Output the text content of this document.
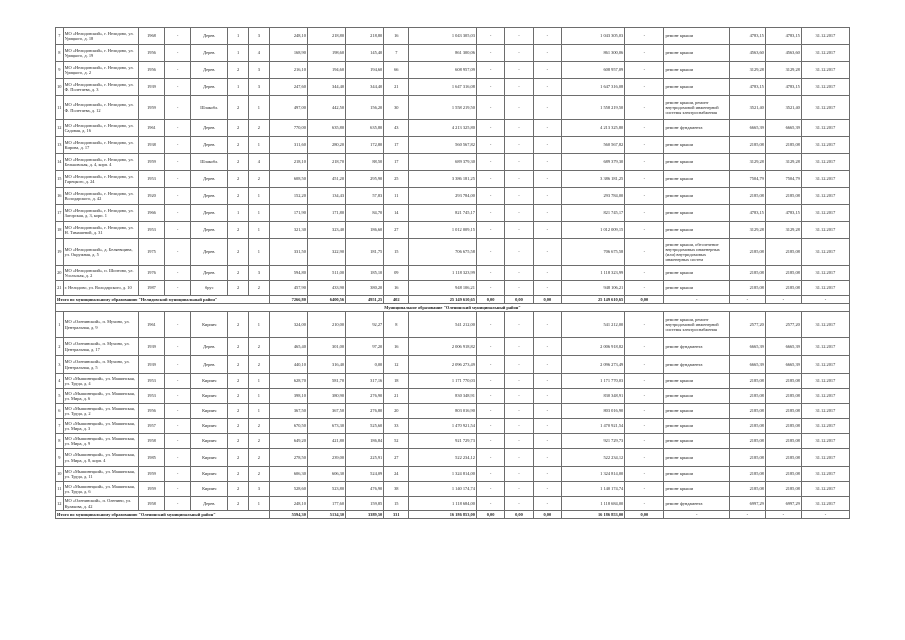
7	МО «Нелидовский», г. Нелидово, ул. Урицкого, д. 18	1968	-	Дерев.	1	3	248,10	218,80	218,80	16	1 043 305,03	-	-	-	1 043 305,03	-	ремонт крыши	4783,15	4783,15	31.12.2017
8	МО «Нелидовский», г. Нелидово, ул. Урицкого, д. 19	1956	-	Дерев.	1	4	168,90	198,60	145,40	7	861 300,06	-	-	-	861 300,06	-	ремонт крыши	4563,60	4563,60	31.12.2017
9	МО «Нелидовский», г. Нелидово, ул. Урицкого, д. 2	1956	-	Дерев.	2	3	216,10	194,60	194,60	66	608 957,09	-	-	-	608 957,09	-	ремонт крыши	3129,28	3129,28	31.12.2017
10	МО «Нелидовский», г. Нелидово, ул. Ф. Полетаева, д. 3	1939	-	Дерев.	1	3	247,60	344,40	344,40	21	1 647 316,08	-	-	-	1 647 316,08	-	ремонт крыши	4783,15	4783,15	31.12.2017
11	МО «Нелидовский», г. Нелидово, ул. Ф. Полетаева, д. 12	1959	-	Шлакобл.	2	1	497,00	442,50	156,20	30	1 558 219,50	-	-	-	1 558 219,50	-	ремонт крыши, ремонт внутридомовой инженерной системы электроснабжения	3521,40	3521,40	31.12.2017
12	МО «Нелидовский», г. Нелидово, ул. Садовая, д. 16	1961	-	Дерев.	2	2	770,00	635,80	635,80	43	4 213 325,80	-	-	-	4 213 325,80	-	ремонт фундамента	6665,39	6665,39	31.12.2017
13	МО «Нелидовский», г. Нелидово, ул. Кирова, д. 17	1938	-	Дерев.	2	1	311,60	280,20	172,80	17	560 567,82	-	-	-	560 567,82	-	ремонт крыши	2185,08	2185,08	31.12.2017
14	МО «Нелидовский», г. Нелидово, ул. Бельковская, д. 4, корп. 4	1959	-	Шлакобл.	2	4	218,10	218,70	88,50	17	689 379,30	-	-	-	689 379,30	-	ремонт крыши	3129,28	3129,28	31.12.2017
15	МО «Нелидовский», г. Нелидово, ул. Гарецкого, д. 24	1953	-	Дерев.	2	2	608,50	451,20	295,90	25	3 386 181,25	-	-	-	3 386 181,25	-	ремонт крыши	7504,79	7504,79	31.12.2017
16	МО «Нелидовский», г. Нелидово, ул. Володарского, д. 42	1920	-	Дерев.	2	1	152,20	134,43	57,83	11	293 784,00	-	-	-	293 784,00	-	ремонт крыши	2185,08	2185,08	31.12.2017
17	МО «Нелидовский», г. Нелидово, ул. Загорская, д. 3, корп. 1	1966	-	Дерев.	1	1	171,90	171,80	84,70	14	821 745,17	-	-	-	821 745,17	-	ремонт крыши	4783,15	4783,15	31.12.2017
18	МО «Нелидовский», г. Нелидово, ул. Н. Тимашевой, д. 31	1953	-	Дерев.	2	1	321,30	323,40	186,60	27	1 012 009,15	-	-	-	1 012 009,15	-	ремонт крыши	3129,28	3129,28	31.12.2017
19	МО «Нелидовский», д. Беляевщина, ул. Окружная, д. 5	1975	-	Дерев.	2	1	331,50	322,90	181,75	15	706 675,58	-	-	-	706 675,58	-	ремонт крыши, обеспечение внутридомовых инженерных (или) внутридомовых инженерных систем	2185,08	2185,08	31.12.2017
20	МО «Нелидовский», п. Шоптово, ул. Усольская, д. 2	1976	-	Дерев.	2	3	594,80	511,00	185,10	09	1 118 323,99	-	-	-	1 118 323,99	-	ремонт крыши	2185,08	2185,08	31.12.2017
21	г. Нелидово, ул. Володарского, д. 10	1987	-	брус	2	2	457,90	433,90	380,20	16	948 106,21	-	-	-	948 106,21	-	ремонт крыши	2185,08	2185,08	31.12.2017
Итого по муниципальному образованию "Нелидовский муниципальный район"							7266,80	6400,56	4951,25	402	25 149 610,65	0,00	0,00	0,00	25 149 610,65	0,00	-	-	-	-
Муниципальное образование "Оленинский муниципальный район"																				
1	МО «Оленинский», п. Мухино, ул. Центральная, д. 9	1961	-	Кирпич	2	1	324,00	210,00	92,27	8	541 212,00	-	-	-	541 212,00	-	ремонт крыши, ремонт внутридомовой инженерной системы электроснабжения	2577,20	2577,20	31.12.2017
2	МО «Оленинский», п. Мухино, ул. Центральная, д. 17	1939	-	Дерев.	2	2	465,40	301,00	97,20	16	2 006 918,82	-	-	-	2 006 918,82	-	ремонт фундамента	6665,39	6665,39	31.12.2017
3	МО «Оленинский», п. Мухино, ул. Центральная, д. 5	1939	-	Дерев.	2	2	440,10	316,40	0,00	12	2 096 273,49	-	-	-	2 096 273,49	-	ремонт фундамента	6665,39	6665,39	31.12.2017
4	МО «Мышинецкий», ул. Машинская, ул. Труда, д. 4	1953	-	Кирпич	2	1	628,70	581,70	317,16	18	1 171 770,03	-	-	-	1 171 770,03	-	ремонт крыши	2185,08	2185,08	31.12.2017
5	МО «Мышинецкий», ул. Машинская, ул. Мира, д. 6	1953	-	Кирпич	2	1	398,10	380,90	276,90	21	830 348,91	-	-	-	830 348,91	-	ремонт крыши	2185,08	2185,08	31.12.2017
6	МО «Мышинецкий», ул. Машинская, ул. Труда, д. 2	1956	-	Кирпич	2	1	367,50	367,50	276,80	20	803 016,90	-	-	-	803 016,90	-	ремонт крыши	2185,08	2185,08	31.12.2017
7	МО «Мышинецкий», ул. Машинская, ул. Мира, д. 3	1957	-	Кирпич	2	2	670,50	673,30	525,60	33	1 470 921,54	-	-	-	1 470 921,54	-	ремонт крыши	2185,08	2185,08	31.12.2017
8	МО «Мышинецкий», ул. Машинская, ул. Мира, д. 9	1958	-	Кирпич	2	2	649,20	421,80	186,84	52	921 729,73	-	-	-	921 729,73	-	ремонт крыши	2185,08	2185,08	31.12.2017
9	МО «Мышинецкий», ул. Машинская, ул. Мира, д. 8, корп. 4	1985	-	Кирпич	2	2	278,50	239,00	225,91	27	522 234,12	-	-	-	522 234,12	-	ремонт крыши	2185,08	2185,08	31.12.2017
10	МО «Мышинецкий», ул. Машинская, ул. Труда, д. 11	1959	-	Кирпич	2	2	606,30	606,30	524,09	24	1 324 814,00	-	-	-	1 324 814,00	-	ремонт крыши	2185,08	2185,08	31.12.2017
11	МО «Мышинецкий», ул. Машинская, ул. Труда, д. 6	1959	-	Кирпич	2	3	528,60	523,80	476,90	38	1 140 174,74	-	-	-	1 140 174,74	-	ремонт крыши	2185,08	2185,08	31.12.2017
12	МО «Оленинский», п. Оленино, ул. Кулакова, д. 42	1958	-	Дерев.	2	1	248,10	177,60	159,85	15	1 118 684,00	-	-	-	1 118 684,00	-	ремонт фундамента	6997,29	6997,29	31.12.2017
Итого по муниципальному образованию "Оленинский муниципальный район"							5594,30	5134,30	3389,50	331	16 186 853,00	0,00	0,00	0,00	16 186 853,00	0,00	-	-	-	-
